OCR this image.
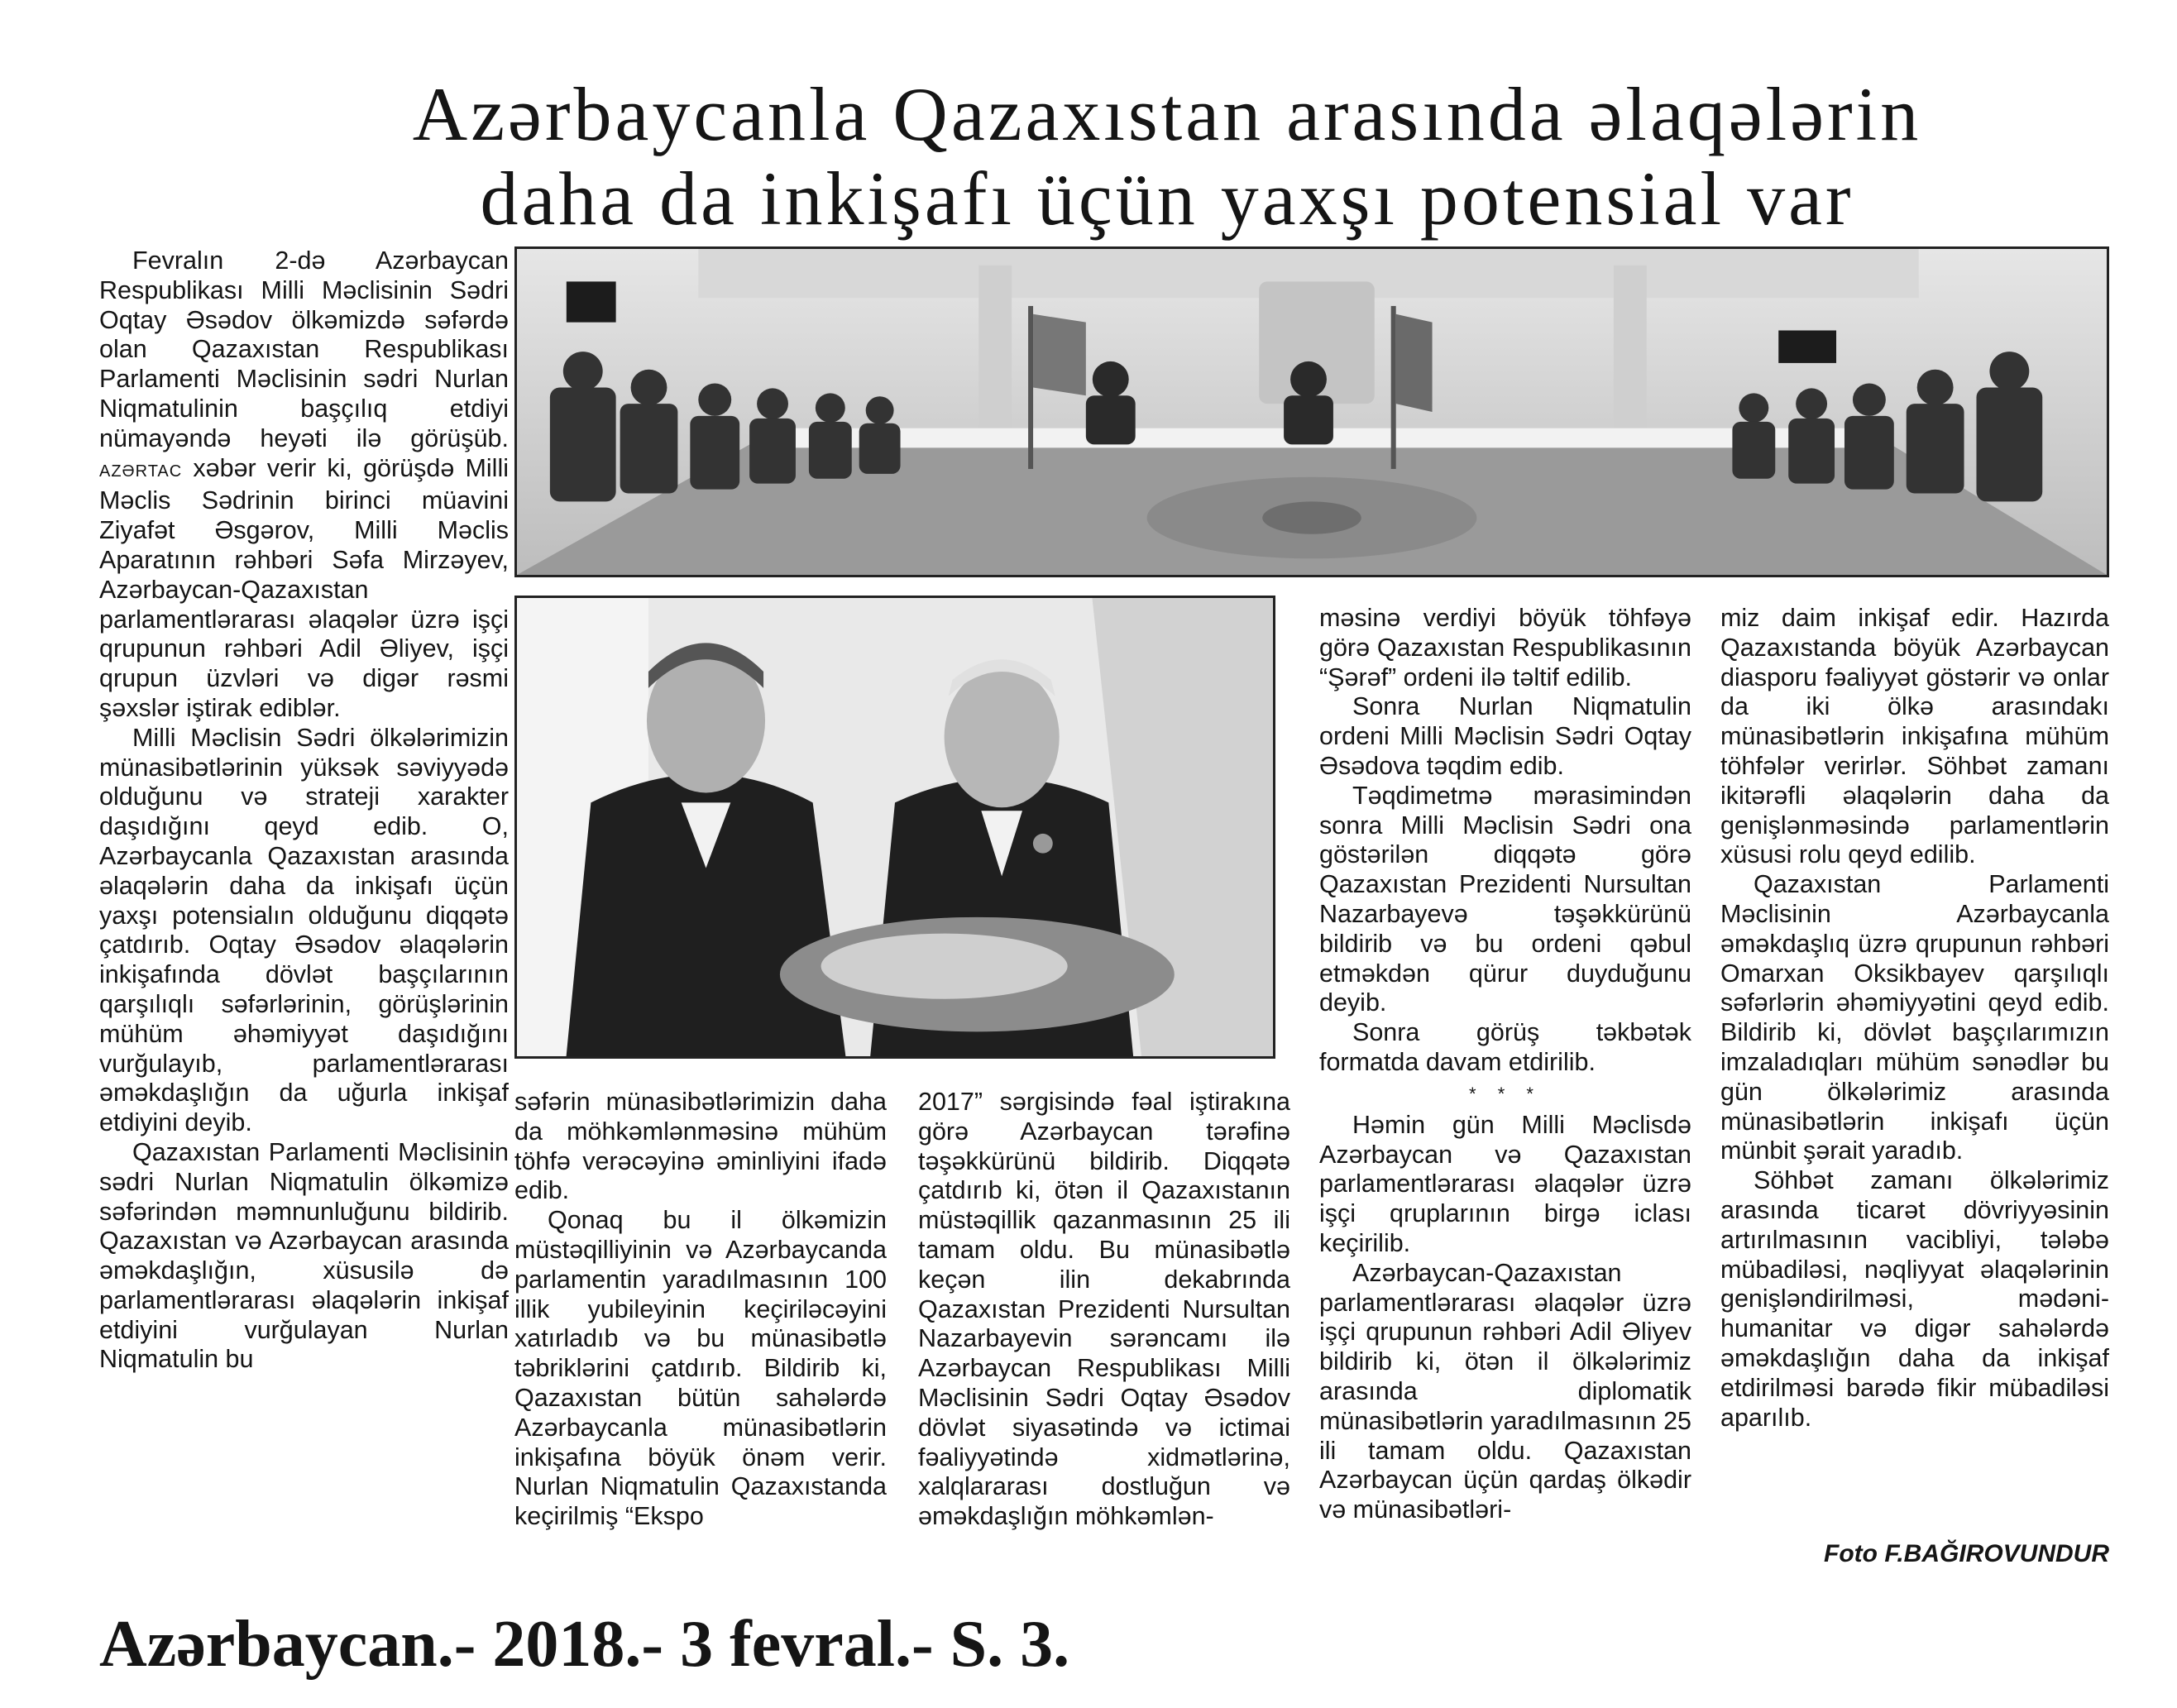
Azərbaycanla Qazaxıstan arasında əlaqələrin
daha da inkişafı üçün yaxşı potensial var

Fevralın 2-də Azərbaycan Respublikası Milli Məclisinin Sədri Oqtay Əsədov ölkəmizdə səfərdə olan Qazaxıstan Respublikası Parlamenti Məclisinin sədri Nurlan Niqmatulinin başçılıq etdiyi nümayəndə heyəti ilə görüşüb. AZƏRTAC xəbər verir ki, görüşdə Milli Məclis Sədrinin birinci müavini Ziyafət Əsgərov, Milli Məclis Aparatının rəhbəri Səfa Mirzəyev, Azərbaycan-Qazaxıstan parlamentlərarası əlaqələr üzrə işçi qrupunun rəhbəri Adil Əliyev, işçi qrupun üzvləri və digər rəsmi şəxslər iştirak ediblər.

Milli Məclisin Sədri ölkələrimizin münasibətlərinin yüksək səviyyədə olduğunu və strateji xarakter daşıdığını qeyd edib. O, Azərbaycanla Qazaxıstan arasında əlaqələrin daha da inkişafı üçün yaxşı potensialın olduğunu diqqətə çatdırıb. Oqtay Əsədov əlaqələrin inkişafında dövlət başçılarının qarşılıqlı səfərlərinin, görüşlərinin mühüm əhəmiyyət daşıdığını vurğulayıb, parlamentlərarası əməkdaşlığın da uğurla inkişaf etdiyini deyib.

Qazaxıstan Parlamenti Məclisinin sədri Nurlan Niqmatulin ölkəmizə səfərindən məmnunluğunu bildirib. Qazaxıstan və Azərbaycan arasında əməkdaşlığın, xüsusilə də parlamentlərarası əlaqələrin inkişaf etdiyini vurğulayan Nurlan Niqmatulin bu

səfərin münasibətlərimizin daha da möhkəmlənməsinə mühüm töhfə verəcəyinə əminliyini ifadə edib.

Qonaq bu il ölkəmizin müstəqilliyinin və Azərbaycanda parlamentin yaradılmasının 100 illik yubileyinin keçiriləcəyini xatırladıb və bu münasibətlə təbriklərini çatdırıb. Bildirib ki, Qazaxıstan bütün sahələrdə Azərbaycanla münasibətlərin inkişafına böyük önəm verir. Nurlan Niqmatulin Qazaxıstanda keçirilmiş “Ekspo

2017” sərgisində fəal iştirakına görə Azərbaycan tərəfinə təşəkkürünü bildirib. Diqqətə çatdırıb ki, ötən il Qazaxıstanın müstəqillik qazanmasının 25 ili tamam oldu. Bu münasibətlə keçən ilin dekabrında Qazaxıstan Prezidenti Nursultan Nazarbayevin sərəncamı ilə Azərbaycan Respublikası Milli Məclisinin Sədri Oqtay Əsədov dövlət siyasətində və ictimai fəaliyyətində xidmətlərinə, xalqlararası dostluğun və əməkdaşlığın möhkəmlən-

məsinə verdiyi böyük töhfəyə görə Qazaxıstan Respublikasının “Şərəf” ordeni ilə təltif edilib.

Sonra Nurlan Niqmatulin ordeni Milli Məclisin Sədri Oqtay Əsədova təqdim edib.

Təqdimetmə mərasimindən sonra Milli Məclisin Sədri ona göstərilən diqqətə görə Qazaxıstan Prezidenti Nursultan Nazarbayevə təşəkkürünü bildirib və bu ordeni qəbul etməkdən qürur duyduğunu deyib.

Sonra görüş təkbətək formatda davam etdirilib.

* * *

Həmin gün Milli Məclisdə Azərbaycan və Qazaxıstan parlamentlərarası əlaqələr üzrə işçi qruplarının birgə iclası keçirilib.

Azərbaycan-Qazaxıstan parlamentlərarası əlaqələr üzrə işçi qrupunun rəhbəri Adil Əliyev bildirib ki, ötən il ölkələrimiz arasında diplomatik münasibətlərin yaradılmasının 25 ili tamam oldu. Qazaxıstan Azərbaycan üçün qardaş ölkədir və münasibətləri-

miz daim inkişaf edir. Hazırda Qazaxıstanda böyük Azərbaycan diasporu fəaliyyət göstərir və onlar da iki ölkə arasındakı münasibətlərin inkişafına mühüm töhfələr verirlər. Söhbət zamanı ikitərəfli əlaqələrin daha da genişlənməsində parlamentlərin xüsusi rolu qeyd edilib.

Qazaxıstan Parlamenti Məclisinin Azərbaycanla əməkdaşlıq üzrə qrupunun rəhbəri Omarxan Oksikbayev qarşılıqlı səfərlərin əhəmiyyətini qeyd edib. Bildirib ki, dövlət başçılarımızın imzaladıqları mühüm sənədlər bu gün ölkələrimiz arasında münasibətlərin inkişafı üçün münbit şərait yaradıb.

Söhbət zamanı ölkələrimiz arasında ticarət dövriyyəsinin artırılmasının vacibliyi, tələbə mübadiləsi, nəqliyyat əlaqələrinin genişləndirilməsi, mədəni-humanitar və digər sahələrdə əməkdaşlığın daha da inkişaf etdirilməsi barədə fikir mübadiləsi aparılıb.

Foto F.BAĞIROVUNDUR
Azərbaycan.- 2018.- 3 fevral.- S. 3.
